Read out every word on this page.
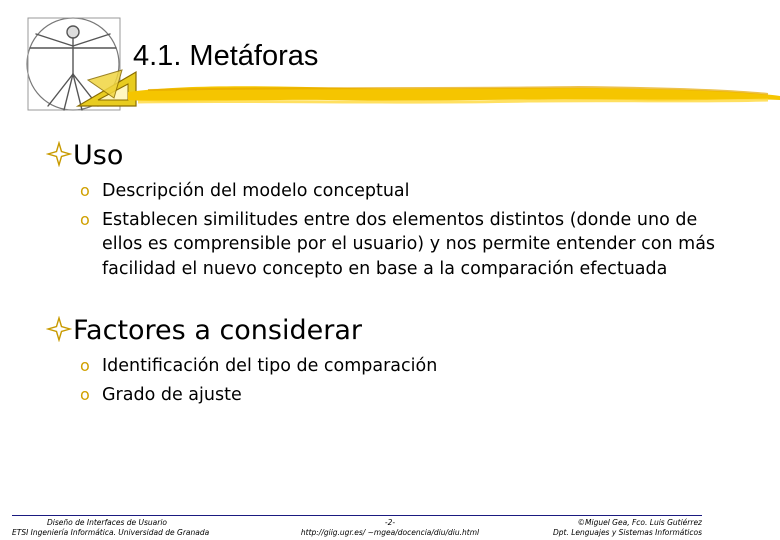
4.1. Metáforas
Uso
o Descripción del modelo conceptual
o Establecen similitudes entre dos elementos distintos (donde uno de ellos es comprensible por el usuario) y nos permite entender con más facilidad el nuevo concepto en base a la comparación efectuada
Factores a considerar
o Identificación del tipo de comparación
o Grado de ajuste
Diseño de Interfaces de Usuario
ETSI Ingeniería Informática. Universidad de Granada
-2-
http://giig.ugr.es/ ~mgea/docencia/diu/diu.html
©Miguel Gea, Fco. Luis Gutiérrez
Dpt. Lenguajes y Sistemas Informáticos
